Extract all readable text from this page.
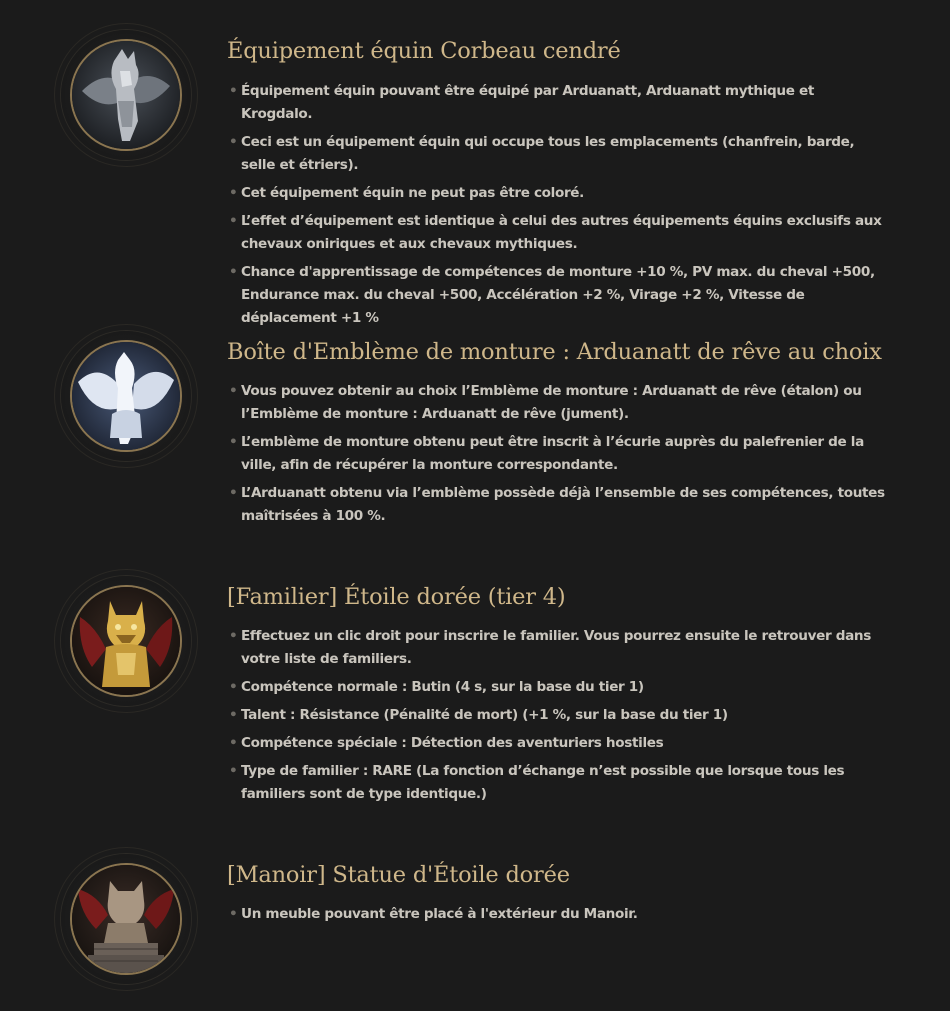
Équipement équin Corbeau cendré
• Équipement équin pouvant être équipé par Arduanatt, Arduanatt mythique et Krogdalo.
• Ceci est un équipement équin qui occupe tous les emplacements (chanfrein, barde, selle et étriers).
• Cet équipement équin ne peut pas être coloré.
• L’effet d’équipement est identique à celui des autres équipements équins exclusifs aux chevaux oniriques et aux chevaux mythiques.
• Chance d'apprentissage de compétences de monture +10 %, PV max. du cheval +500, Endurance max. du cheval +500, Accélération +2 %, Virage +2 %, Vitesse de déplacement +1 %
Boîte d'Emblème de monture : Arduanatt de rêve au choix
• Vous pouvez obtenir au choix l’Emblème de monture : Arduanatt de rêve (étalon) ou l’Emblème de monture : Arduanatt de rêve (jument).
• L’emblème de monture obtenu peut être inscrit à l’écurie auprès du palefrenier de la ville, afin de récupérer la monture correspondante.
• L’Arduanatt obtenu via l’emblème possède déjà l’ensemble de ses compétences, toutes maîtrisées à 100 %.
[Familier] Étoile dorée (tier 4)
• Effectuez un clic droit pour inscrire le familier. Vous pourrez ensuite le retrouver dans votre liste de familiers.
• Compétence normale : Butin (4 s, sur la base du tier 1)
• Talent : Résistance (Pénalité de mort) (+1 %, sur la base du tier 1)
• Compétence spéciale : Détection des aventuriers hostiles
• Type de familier : RARE (La fonction d’échange n’est possible que lorsque tous les familiers sont de type identique.)
[Manoir] Statue d'Étoile dorée
• Un meuble pouvant être placé à l'extérieur du Manoir.
